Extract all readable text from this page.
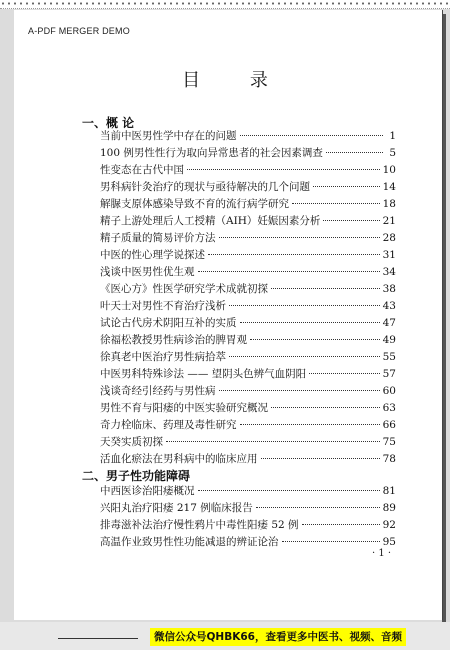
A-PDF MERGER DEMO
目 录
一、概 论
当前中医男性学中存在的问题	1
100 例男性性行为取向异常患者的社会因素调查	5
性变态在古代中国	10
男科病针灸治疗的现状与亟待解决的几个问题	14
解脲支原体感染导致不育的流行病学研究	18
精子上游处理后人工授精（AIH）妊娠因素分析	21
精子质量的简易评价方法	28
中医的性心理学说探述	31
浅谈中医男性优生观	34
《医心方》性医学研究学术成就初探	38
叶天士对男性不育治疗浅析	43
试论古代房术阴阳互补的实质	47
徐福松教授男性病诊治的脾胃观	49
徐真老中医治疗男性病拾萃	55
中医男科特殊诊法 —— 望阴头色辨气血阴阳	57
浅谈奇经引经药与男性病	60
男性不育与阳痿的中医实验研究概况	63
奇力栓临床、药理及毒性研究	66
天癸实质初探	75
活血化瘀法在男科病中的临床应用	78
二、男子性功能障碍
中西医诊治阳痿概况	81
兴阳丸治疗阳痿 217 例临床报告	89
排毒滋补法治疗慢性鸦片中毒性阳痿 52 例	92
高温作业致男性性功能减退的辨证论治	95
· 1 ·
微信公众号QHBK66，查看更多中医书、视频、音频
